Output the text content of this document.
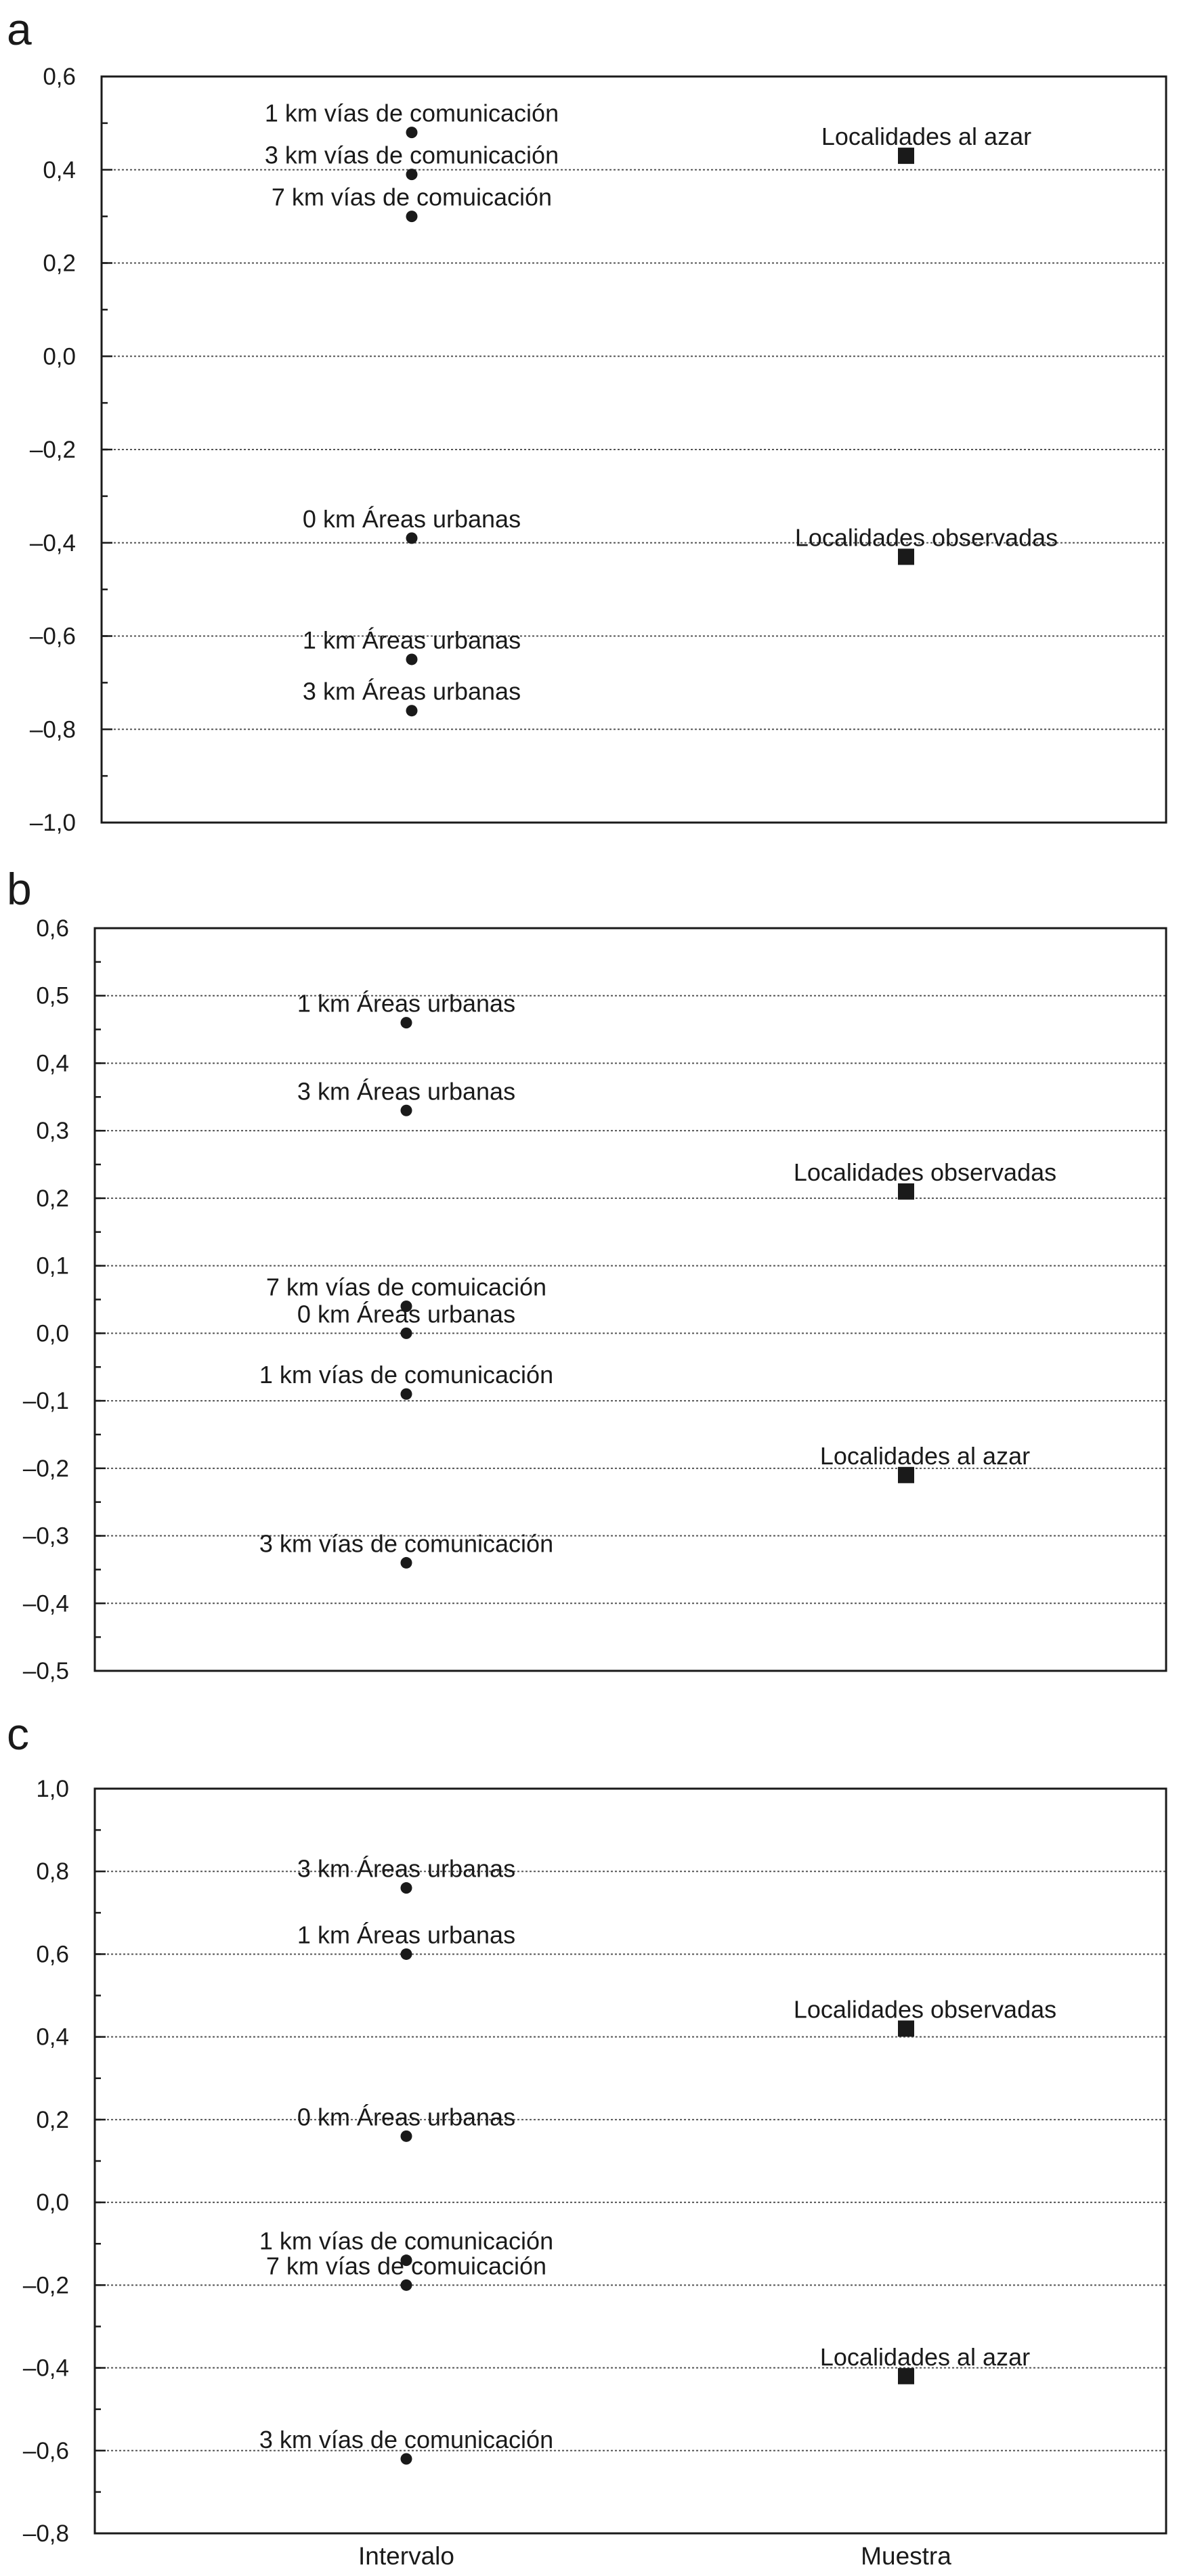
a
0,6
0,4
0,2
0,0
–0,2
–0,4
–0,6
–0,8
–1,0
1 km vías de comunicación
3 km vías de comunicación
7 km vías de comuicación
0 km Áreas urbanas
1 km Áreas urbanas
3 km Áreas urbanas
Localidades al azar
Localidades observadas
b
0,6
0,5
0,4
0,3
0,2
0,1
0,0
–0,1
–0,2
–0,3
–0,4
–0,5
1 km Áreas urbanas
3 km Áreas urbanas
7 km vías de comuicación
0 km Áreas urbanas
1 km vías de comunicación
3 km vías de comunicación
Localidades observadas
Localidades al azar
c
1,0
0,8
0,6
0,4
0,2
0,0
–0,2
–0,4
–0,6
–0,8
3 km Áreas urbanas
1 km Áreas urbanas
0 km Áreas urbanas
1 km vías de comunicación
7 km vías de comuicación
3 km vías de comunicación
Localidades observadas
Localidades al azar
Intervalo	Muestra
